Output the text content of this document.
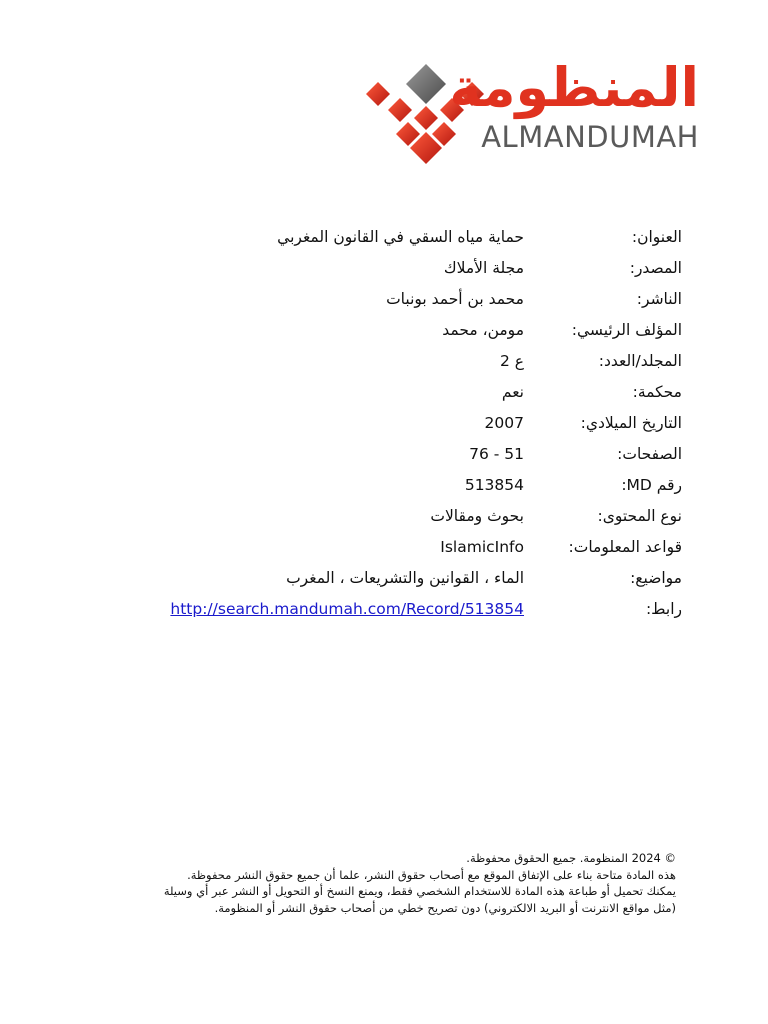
المنظومة
ALMANDUMAH
العنوان:
حماية مياه السقي في القانون المغربي
المصدر:
مجلة الأملاك
الناشر:
محمد بن أحمد بونبات
المؤلف الرئيسي:
مومن، محمد
المجلد/العدد:
ع 2
محكمة:
نعم
التاريخ الميلادي:
2007
الصفحات:
51 - 76
رقم MD:
513854
نوع المحتوى:
بحوث ومقالات
قواعد المعلومات:
IslamicInfo
مواضيع:
الماء ، القوانين والتشريعات ، المغرب
رابط:
http://search.mandumah.com/Record/513854
© 2024 المنظومة. جميع الحقوق محفوظة.
هذه المادة متاحة بناء على الإتفاق الموقع مع أصحاب حقوق النشر، علما أن جميع حقوق النشر محفوظة.
يمكنك تحميل أو طباعة هذه المادة للاستخدام الشخصي فقط، ويمنع النسخ أو التحويل أو النشر عبر أي وسيلة
(مثل مواقع الانترنت أو البريد الالكتروني) دون تصريح خطي من أصحاب حقوق النشر أو المنظومة.
